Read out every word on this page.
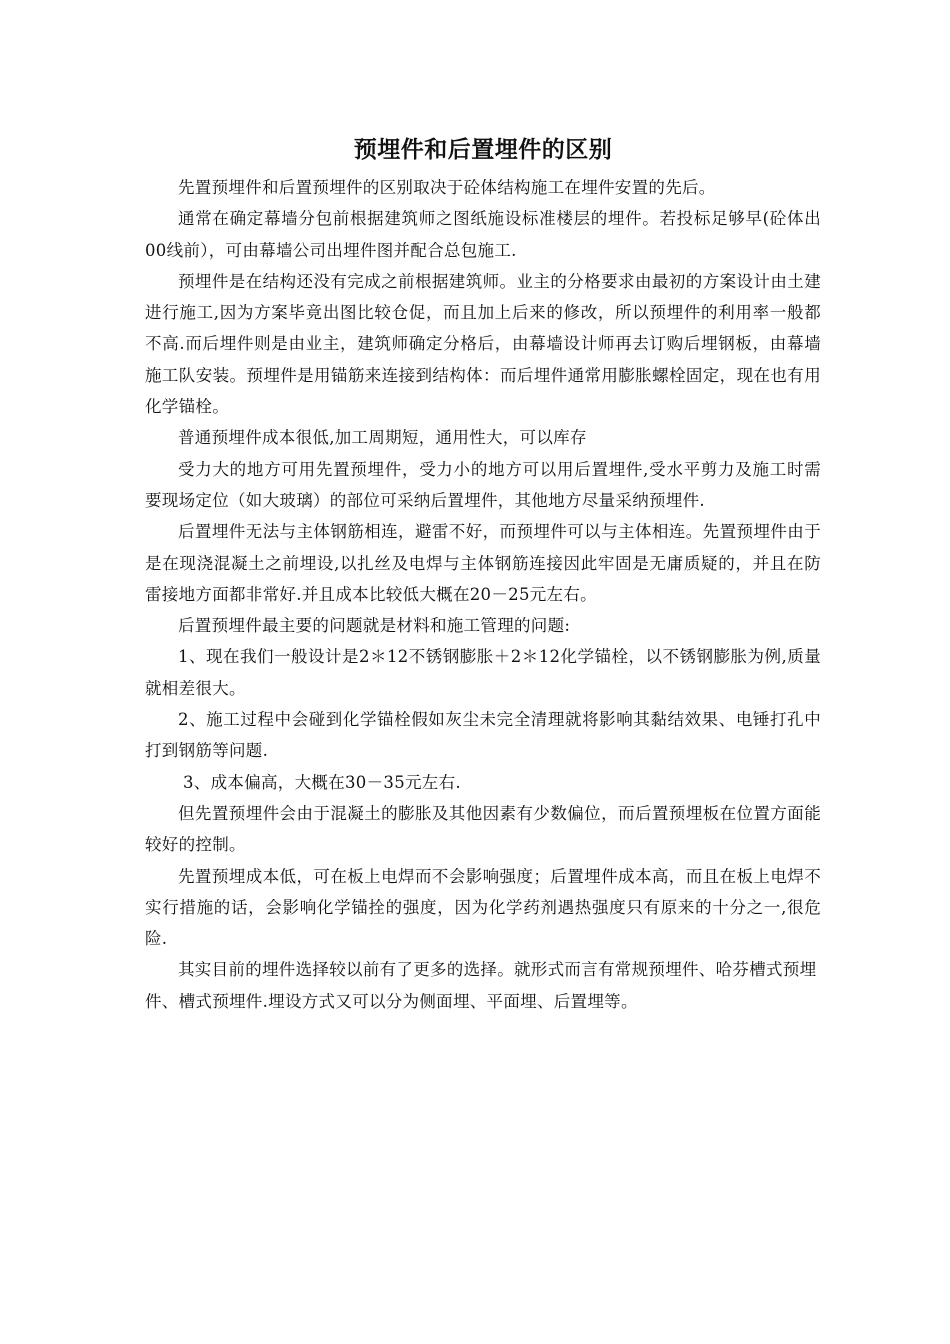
预埋件和后置埋件的区别

先置预埋件和后置预埋件的区别取决于砼体结构施工在埋件安置的先后。

通常在确定幕墙分包前根据建筑师之图纸施设标准楼层的埋件。若投标足够早(砼体出00线前），可由幕墙公司出埋件图并配合总包施工.

预埋件是在结构还没有完成之前根据建筑师。业主的分格要求由最初的方案设计由土建进行施工,因为方案毕竟出图比较仓促，而且加上后来的修改，所以预埋件的利用率一般都不高.而后埋件则是由业主，建筑师确定分格后，由幕墙设计师再去订购后埋钢板，由幕墙施工队安装。预埋件是用锚筋来连接到结构体：而后埋件通常用膨胀螺栓固定，现在也有用化学锚栓。

普通预埋件成本很低,加工周期短，通用性大，可以库存

受力大的地方可用先置预埋件，受力小的地方可以用后置埋件,受水平剪力及施工时需要现场定位（如大玻璃）的部位可采纳后置埋件，其他地方尽量采纳预埋件.

后置埋件无法与主体钢筋相连，避雷不好，而预埋件可以与主体相连。先置预埋件由于是在现浇混凝土之前埋设,以扎丝及电焊与主体钢筋连接因此牢固是无庸质疑的，并且在防雷接地方面都非常好.并且成本比较低大概在20－25元左右。

后置预埋件最主要的问题就是材料和施工管理的问题:

1、现在我们一般设计是2＊12不锈钢膨胀＋2＊12化学锚栓，以不锈钢膨胀为例,质量就相差很大。

2、施工过程中会碰到化学锚栓假如灰尘未完全清理就将影响其黏结效果、电锤打孔中打到钢筋等问题.

3、成本偏高，大概在30－35元左右.

但先置预埋件会由于混凝土的膨胀及其他因素有少数偏位，而后置预埋板在位置方面能较好的控制。

先置预埋成本低，可在板上电焊而不会影响强度；后置埋件成本高，而且在板上电焊不实行措施的话，会影响化学锚拴的强度，因为化学药剂遇热强度只有原来的十分之一,很危险.

其实目前的埋件选择较以前有了更多的选择。就形式而言有常规预埋件、哈芬槽式预埋件、槽式预埋件.埋设方式又可以分为侧面埋、平面埋、后置埋等。
